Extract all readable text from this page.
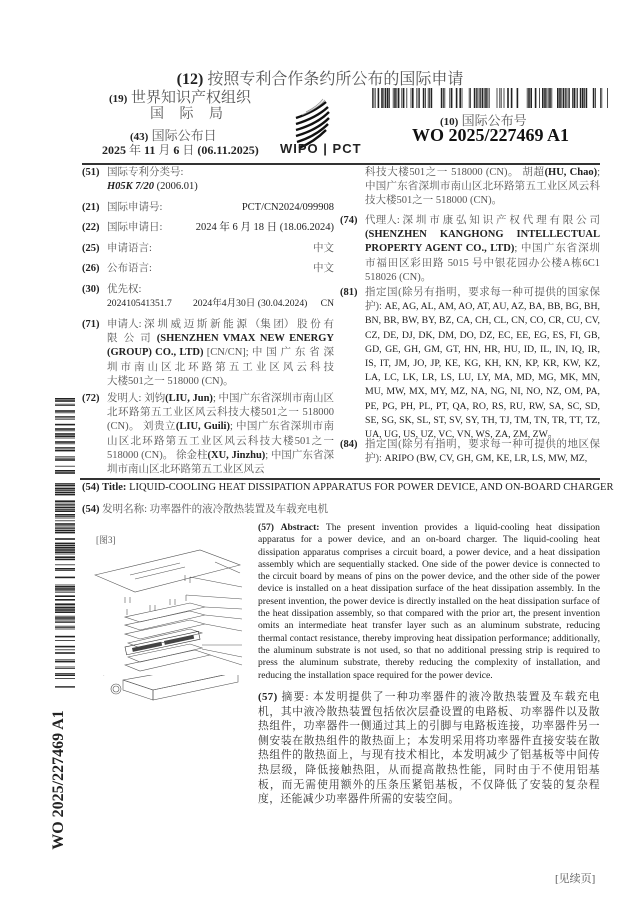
(12) 按照专利合作条约所公布的国际申请
(19) 世界知识产权组织
国 际 局
(43) 国际公布日
2025 年 11 月 6 日 (06.11.2025) WIPO | PCT
(10) 国际公布号
WO 2025/227469 A1
(51) 国际专利分类号:
H05K 7/20 (2006.01)
(21) 国际申请号:	PCT/CN2024/099908
(22) 国际申请日:	2024 年 6 月 18 日 (18.06.2024)
(25) 申请语言:	中文
(26) 公布语言:	中文
(30) 优先权:
202410541351.7 2024年4月30日 (30.04.2024) CN
(71) 申请人: 深 圳 威 迈 斯 新 能 源 （集 团） 股 份 有 限 公 司 (SHENZHEN VMAX NEW ENERGY (GROUP) CO., LTD) [CN/CN]; 中 国 广 东 省 深 圳 市 南 山 区 北 环 路 第 五 工 业 区 风 云 科 技 大楼501之一 518000 (CN)。
(72) 发明人: 刘钧(LIU, Jun); 中国广东省深圳市南山区北环路第五工业区风云科技大楼501之一 518000 (CN)。 刘贵立(LIU, Guili); 中国广东省深圳市南山区北环路第五工业区风云科技大楼501之一 518000 (CN)。 徐金柱(XU, Jinzhu); 中国广东省深圳市南山区北环路第五工业区风云
科技大楼501之一 518000 (CN)。 胡超(HU, Chao); 中国广东省深圳市南山区北环路第五工业区风云科技大楼501之一 518000 (CN)。
(74) 代理人: 深 圳 市 康 弘 知 识 产 权 代 理 有 限 公 司 (SHENZHEN KANGHONG INTELLECTUAL PROPERTY AGENT CO., LTD); 中国广东省深圳市福田区彩田路 5015 号中银花园办公楼A栋6C1 518026 (CN)。
(81) 指定国(除另有指明，要求每一种可提供的国家保护): AE, AG, AL, AM, AO, AT, AU, AZ, BA, BB, BG, BH, BN, BR, BW, BY, BZ, CA, CH, CL, CN, CO, CR, CU, CV, CZ, DE, DJ, DK, DM, DO, DZ, EC, EE, EG, ES, FI, GB, GD, GE, GH, GM, GT, HN, HR, HU, ID, IL, IN, IQ, IR, IS, IT, JM, JO, JP, KE, KG, KH, KN, KP, KR, KW, KZ, LA, LC, LK, LR, LS, LU, LY, MA, MD, MG, MK, MN, MU, MW, MX, MY, MZ, NA, NG, NI, NO, NZ, OM, PA, PE, PG, PH, PL, PT, QA, RO, RS, RU, RW, SA, SC, SD, SE, SG, SK, SL, ST, SV, SY, TH, TJ, TM, TN, TR, TT, TZ, UA, UG, US, UZ, VC, VN, WS, ZA, ZM, ZW。
(84) 指定国(除另有指明，要求每一种可提供的地区保护): ARIPO (BW, CV, GH, GM, KE, LR, LS, MW, MZ,
(54) Title: LIQUID-COOLING HEAT DISSIPATION APPARATUS FOR POWER DEVICE, AND ON-BOARD CHARGER
(54) 发明名称: 功率器件的液冷散热装置及车载充电机
[图3]
(57) Abstract: The present invention provides a liquid-cooling heat dissipation apparatus for a power device, and an on-board charger. The liquid-cooling heat dissipation apparatus comprises a circuit board, a power device, and a heat dissipation assembly which are sequentially stacked. One side of the power device is connected to the circuit board by means of pins on the power device, and the other side of the power device is installed on a heat dissipation surface of the heat dissipation assembly. In the present invention, the power device is directly installed on the heat dissipation surface of the heat dissipation assembly, so that compared with the prior art, the present invention omits an intermediate heat transfer layer such as an aluminum substrate, reducing thermal contact resistance, thereby improving heat dissipation performance; additionally, the aluminum substrate is not used, so that no additional pressing strip is required to press the aluminum substrate, thereby reducing the complexity of installation, and reducing the installation space required for the power device.
(57) 摘要: 本发明提供了一种功率器件的液冷散热装置及车载充电机，其中液冷散热装置包括依次层叠设置的电路板、功率器件以及散热组件，功率器件一侧通过其上的引脚与电路板连接，功率器件另一侧安装在散热组件的散热面上；本发明采用将功率器件直接安装在散热组件的散热面上，与现有技术相比，本发明减少了铝基板等中间传热层级，降低接触热阻，从而提高散热性能，同时由于不使用铝基板，而无需使用额外的压条压紧铝基板，不仅降低了安装的复杂程度，还能减少功率器件所需的安装空间。
WO 2025/227469 A1
[见续页]
